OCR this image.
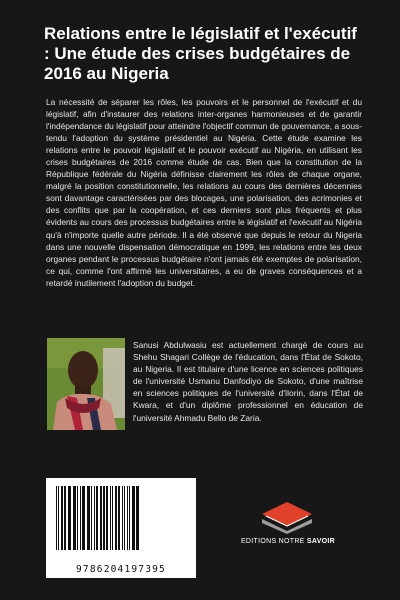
Relations entre le législatif et l'exécutif : Une étude des crises budgétaires de 2016 au Nigeria
La nécessité de séparer les rôles, les pouvoirs et le personnel de l'exécutif et du législatif, afin d'instaurer des relations inter-organes harmonieuses et de garantir l'indépendance du législatif pour atteindre l'objectif commun de gouvernance, a sous-tendu l'adoption du système présidentiel au Nigéria. Cette étude examine les relations entre le pouvoir législatif et le pouvoir exécutif au Nigéria, en utilisant les crises budgétaires de 2016 comme étude de cas. Bien que la constitution de la République fédérale du Nigéria définisse clairement les rôles de chaque organe, malgré la position constitutionnelle, les relations au cours des dernières décennies sont davantage caractérisées par des blocages, une polarisation, des acrimonies et des conflits que par la coopération, et ces derniers sont plus fréquents et plus évidents au cours des processus budgétaires entre le législatif et l'exécutif au Nigéria qu'à n'importe quelle autre période. Il a été observé que depuis le retour du Nigeria dans une nouvelle dispensation démocratique en 1999, les relations entre les deux organes pendant le processus budgétaire n'ont jamais été exemptes de polarisation, ce qui, comme l'ont affirmé les universitaires, a eu de graves conséquences et a retardé inutilement l'adoption du budget.
Sanusi Abdulwasiu est actuellement chargé de cours au Shehu Shagari Collège de l'éducation, dans l'État de Sokoto, au Nigeria. Il est titulaire d'une licence en sciences politiques de l'université Usmanu Danfodiyo de Sokoto, d'une maîtrise en sciences politiques de l'université d'Ilorin, dans l'État de Kwara, et d'un diplôme professionnel en éducation de l'université Ahmadu Bello de Zaria.
9786204197395
EDITIONS NOTRE SAVOIR
